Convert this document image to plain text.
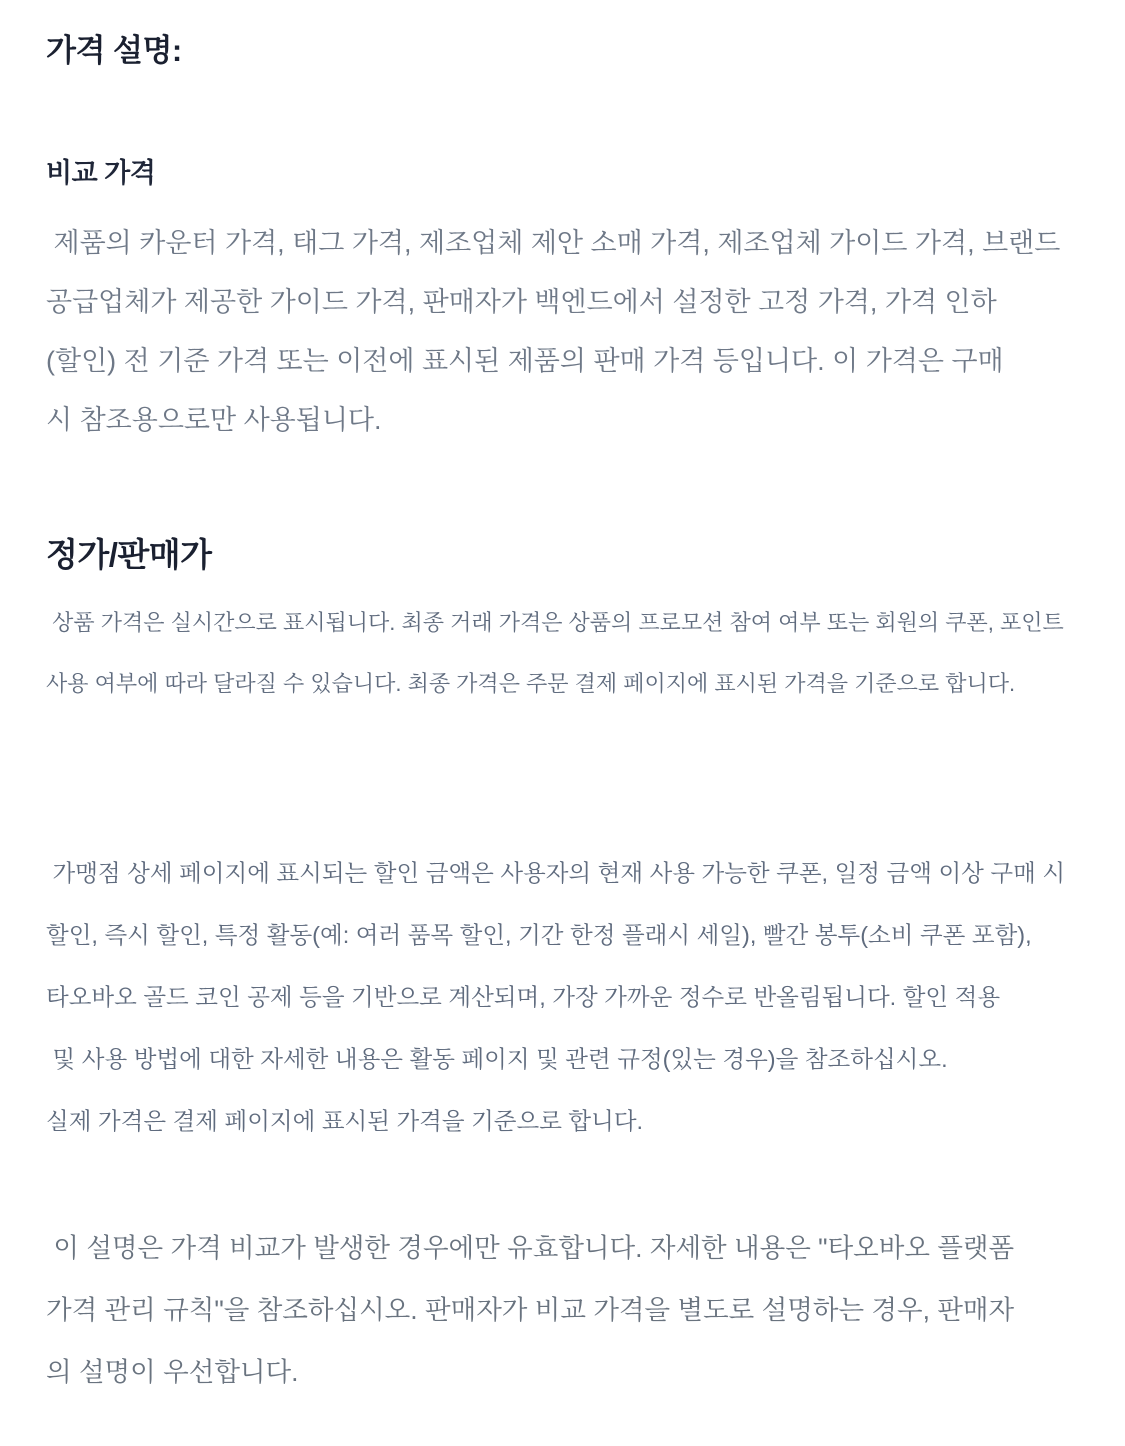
가격 설명:
비교 가격
제품의 카운터 가격, 태그 가격, 제조업체 제안 소매 가격, 제조업체 가이드 가격, 브랜드
공급업체가 제공한 가이드 가격, 판매자가 백엔드에서 설정한 고정 가격, 가격 인하
(할인) 전 기준 가격 또는 이전에 표시된 제품의 판매 가격 등입니다. 이 가격은 구매
시 참조용으로만 사용됩니다.
정가/판매가
상품 가격은 실시간으로 표시됩니다. 최종 거래 가격은 상품의 프로모션 참여 여부 또는 회원의 쿠폰, 포인트
사용 여부에 따라 달라질 수 있습니다. 최종 가격은 주문 결제 페이지에 표시된 가격을 기준으로 합니다.
가맹점 상세 페이지에 표시되는 할인 금액은 사용자의 현재 사용 가능한 쿠폰, 일정 금액 이상 구매 시
할인, 즉시 할인, 특정 활동(예: 여러 품목 할인, 기간 한정 플래시 세일), 빨간 봉투(소비 쿠폰 포함),
타오바오 골드 코인 공제 등을 기반으로 계산되며, 가장 가까운 정수로 반올림됩니다. 할인 적용
및 사용 방법에 대한 자세한 내용은 활동 페이지 및 관련 규정(있는 경우)을 참조하십시오.
실제 가격은 결제 페이지에 표시된 가격을 기준으로 합니다.
이 설명은 가격 비교가 발생한 경우에만 유효합니다. 자세한 내용은 "타오바오 플랫폼
가격 관리 규칙"을 참조하십시오. 판매자가 비교 가격을 별도로 설명하는 경우, 판매자
의 설명이 우선합니다.
